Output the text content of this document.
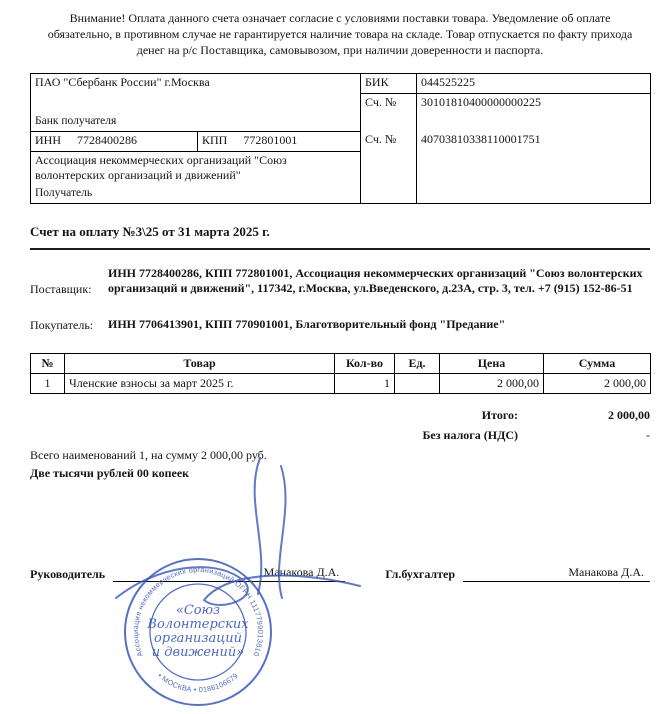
Внимание! Оплата данного счета означает согласие с условиями поставки товара. Уведомление об оплате обязательно, в противном случае не гарантируется наличие товара на складе. Товар отпускается по факту прихода денег на р/с Поставщика, самовывозом, при наличии доверенности и паспорта.

ПАО "Сбербанк России" г.Москва		БИК	044525225
		Сч. №	30101810400000000225
Банк получателя			
ИНН 7728400286	КПП 772801001	Сч. №	40703810338110001751
Ассоциация некоммерческих организаций "Союз волонтерских организаций и движений"			
Получатель			
Счет на оплату №3\25 от 31 марта 2025 г.
Поставщик:
ИНН 7728400286, КПП 772801001, Ассоциация некоммерческих организаций "Союз волонтерских организаций и движений", 117342, г.Москва, ул.Введенского, д.23А, стр. 3, тел. +7 (915) 152-86-51
Покупатель:	ИНН 7706413901, КПП 770901001, Благотворительный фонд "Предание"
№	Товар	Кол-во	Ед.	Цена	Сумма
1	Членские взносы за март 2025 г.	1		2 000,00	2 000,00
Итого:	2 000,00
Без налога (НДС)	-
Всего наименований 1, на сумму 2 000,00 руб.
Две тысячи рублей 00 копеек
Руководитель	Манакова Д.А.	Гл.бухгалтер	Манакова Д.А.
Ассоциация некоммерческих организаций ОГРН 1117799013810
• МОСКВА • 0186106679
«Союз
Волонтерских
организаций
и движений»
